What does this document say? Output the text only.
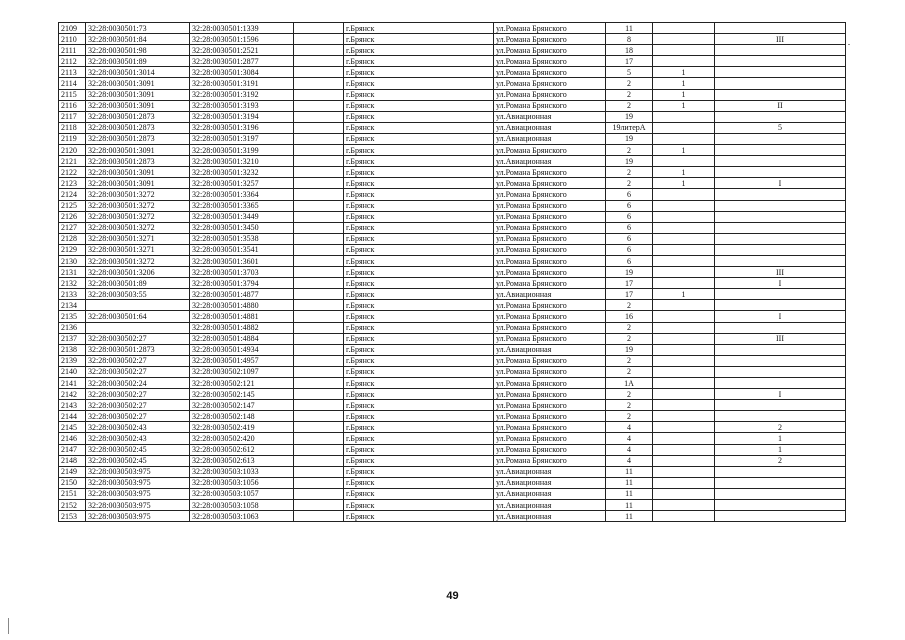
2109	32:28:0030501:73	32:28:0030501:1339		г.Брянск	ул.Романа Брянского	11		
2110	32:28:0030501:84	32:28:0030501:1596		г.Брянск	ул.Романа Брянского	8		III
2111	32:28:0030501:98	32:28:0030501:2521		г.Брянск	ул.Романа Брянского	18		
2112	32:28:0030501:89	32:28:0030501:2877		г.Брянск	ул.Романа Брянского	17		
2113	32:28:0030501:3014	32:28:0030501:3084		г.Брянск	ул.Романа Брянского	5	1	
2114	32:28:0030501:3091	32:28:0030501:3191		г.Брянск	ул.Романа Брянского	2	1	
2115	32:28:0030501:3091	32:28:0030501:3192		г.Брянск	ул.Романа Брянского	2	1	
2116	32:28:0030501:3091	32:28:0030501:3193		г.Брянск	ул.Романа Брянского	2	1	II
2117	32:28:0030501:2873	32:28:0030501:3194		г.Брянск	ул.Авиационная	19		
2118	32:28:0030501:2873	32:28:0030501:3196		г.Брянск	ул.Авиационная	19литерА		5
2119	32:28:0030501:2873	32:28:0030501:3197		г.Брянск	ул.Авиационная	19		
2120	32:28:0030501:3091	32:28:0030501:3199		г.Брянск	ул.Романа Брянского	2	1	
2121	32:28:0030501:2873	32:28:0030501:3210		г.Брянск	ул.Авиационная	19		
2122	32:28:0030501:3091	32:28:0030501:3232		г.Брянск	ул.Романа Брянского	2	1	
2123	32:28:0030501:3091	32:28:0030501:3257		г.Брянск	ул.Романа Брянского	2	1	I
2124	32:28:0030501:3272	32:28:0030501:3364		г.Брянск	ул.Романа Брянского	6		
2125	32:28:0030501:3272	32:28:0030501:3365		г.Брянск	ул.Романа Брянского	6		
2126	32:28:0030501:3272	32:28:0030501:3449		г.Брянск	ул.Романа Брянского	6		
2127	32:28:0030501:3272	32:28:0030501:3450		г.Брянск	ул.Романа Брянского	6		
2128	32:28:0030501:3271	32:28:0030501:3538		г.Брянск	ул.Романа Брянского	6		
2129	32:28:0030501:3271	32:28:0030501:3541		г.Брянск	ул.Романа Брянского	6		
2130	32:28:0030501:3272	32:28:0030501:3601		г.Брянск	ул.Романа Брянского	6		
2131	32:28:0030501:3206	32:28:0030501:3703		г.Брянск	ул.Романа Брянского	19		III
2132	32:28:0030501:89	32:28:0030501:3794		г.Брянск	ул.Романа Брянского	17		I
2133	32:28:0030503:55	32:28:0030501:4877		г.Брянск	ул.Авиационная	17	1	
2134		32:28:0030501:4880		г.Брянск	ул.Романа Брянского	2		
2135	32:28:0030501:64	32:28:0030501:4881		г.Брянск	ул.Романа Брянского	16		I
2136		32:28:0030501:4882		г.Брянск	ул.Романа Брянского	2		
2137	32:28:0030502:27	32:28:0030501:4884		г.Брянск	ул.Романа Брянского	2		III
2138	32:28:0030501:2873	32:28:0030501:4934		г.Брянск	ул.Авиационная	19		
2139	32:28:0030502:27	32:28:0030501:4957		г.Брянск	ул.Романа Брянского	2		
2140	32:28:0030502:27	32:28:0030502:1097		г.Брянск	ул.Романа Брянского	2		
2141	32:28:0030502:24	32:28:0030502:121		г.Брянск	ул.Романа Брянского	1А		
2142	32:28:0030502:27	32:28:0030502:145		г.Брянск	ул.Романа Брянского	2		I
2143	32:28:0030502:27	32:28:0030502:147		г.Брянск	ул.Романа Брянского	2		
2144	32:28:0030502:27	32:28:0030502:148		г.Брянск	ул.Романа Брянского	2		
2145	32:28:0030502:43	32:28:0030502:419		г.Брянск	ул.Романа Брянского	4		2
2146	32:28:0030502:43	32:28:0030502:420		г.Брянск	ул.Романа Брянского	4		1
2147	32:28:0030502:45	32:28:0030502:612		г.Брянск	ул.Романа Брянского	4		1
2148	32:28:0030502:45	32:28:0030502:613		г.Брянск	ул.Романа Брянского	4		2
2149	32:28:0030503:975	32:28:0030503:1033		г.Брянск	ул.Авиационная	11		
2150	32:28:0030503:975	32:28:0030503:1056		г.Брянск	ул.Авиационная	11		
2151	32:28:0030503:975	32:28:0030503:1057		г.Брянск	ул.Авиационная	11		
2152	32:28:0030503:975	32:28:0030503:1058		г.Брянск	ул.Авиационная	11		
2153	32:28:0030503:975	32:28:0030503:1063		г.Брянск	ул.Авиационная	11		
49
